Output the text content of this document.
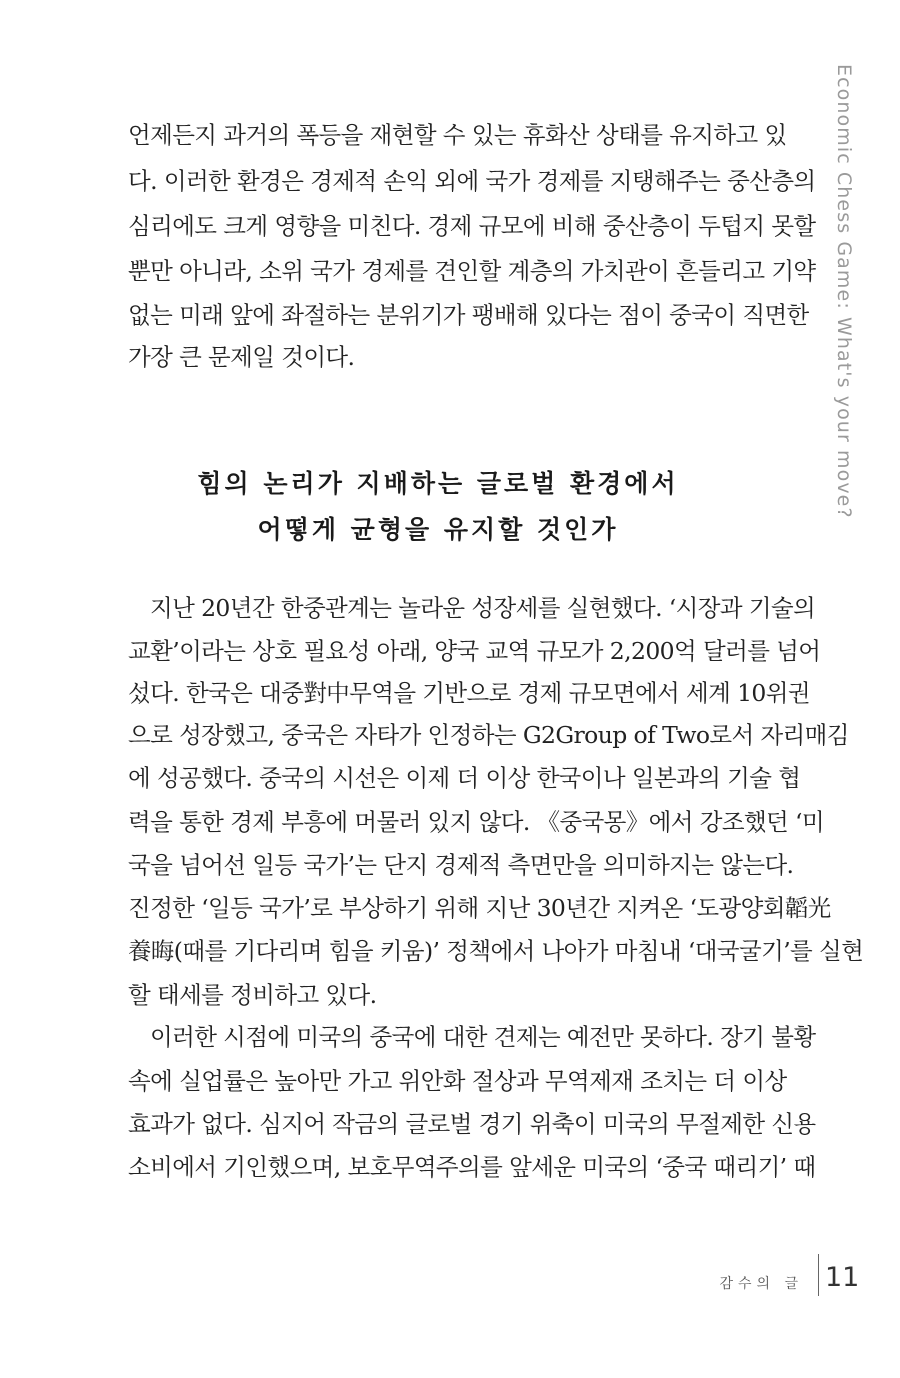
Economic Chess Game: What's your move?
언제든지 과거의 폭등을 재현할 수 있는 휴화산 상태를 유지하고 있
다. 이러한 환경은 경제적 손익 외에 국가 경제를 지탱해주는 중산층의
심리에도 크게 영향을 미친다. 경제 규모에 비해 중산층이 두텁지 못할
뿐만 아니라, 소위 국가 경제를 견인할 계층의 가치관이 흔들리고 기약
없는 미래 앞에 좌절하는 분위기가 팽배해 있다는 점이 중국이 직면한
가장 큰 문제일 것이다.
힘의 논리가 지배하는 글로벌 환경에서
어떻게 균형을 유지할 것인가
지난 20년간 한중관계는 놀라운 성장세를 실현했다. ‘시장과 기술의
교환’이라는 상호 필요성 아래, 양국 교역 규모가 2,200억 달러를 넘어
섰다. 한국은 대중對中무역을 기반으로 경제 규모면에서 세계 10위권
으로 성장했고, 중국은 자타가 인정하는 G2Group of Two로서 자리매김
에 성공했다. 중국의 시선은 이제 더 이상 한국이나 일본과의 기술 협
력을 통한 경제 부흥에 머물러 있지 않다. 《중국몽》에서 강조했던 ‘미
국을 넘어선 일등 국가’는 단지 경제적 측면만을 의미하지는 않는다.
진정한 ‘일등 국가’로 부상하기 위해 지난 30년간 지켜온 ‘도광양회韜光
養晦(때를 기다리며 힘을 키움)’ 정책에서 나아가 마침내 ‘대국굴기’를 실현
할 태세를 정비하고 있다.
이러한 시점에 미국의 중국에 대한 견제는 예전만 못하다. 장기 불황
속에 실업률은 높아만 가고 위안화 절상과 무역제재 조치는 더 이상
효과가 없다. 심지어 작금의 글로벌 경기 위축이 미국의 무절제한 신용
소비에서 기인했으며, 보호무역주의를 앞세운 미국의 ‘중국 때리기’ 때
감수의 글 11
